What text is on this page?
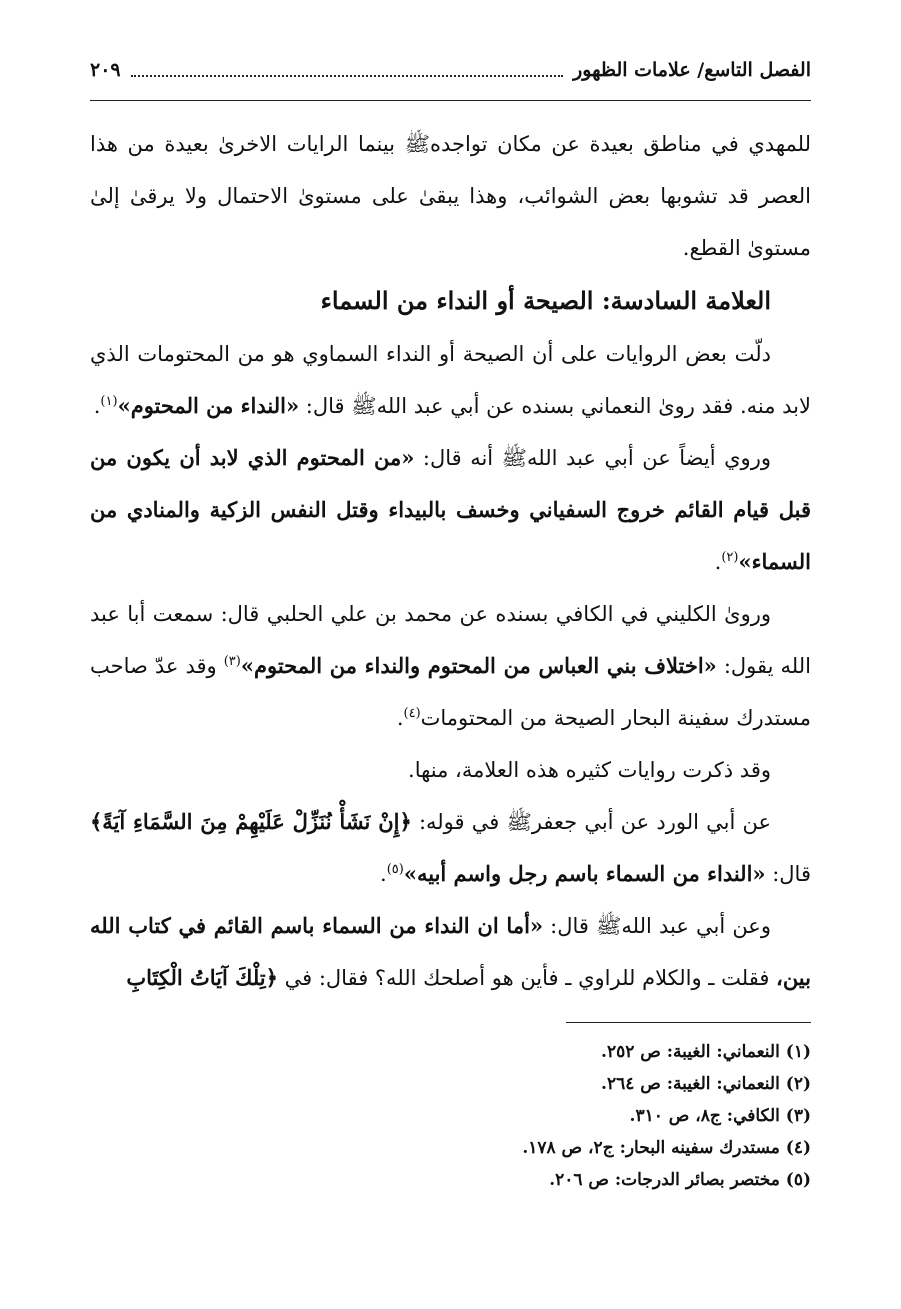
الفصل التاسع/ علامات الظهور
٢٠٩

للمهدي في مناطق بعيدة عن مكان تواجدهﷺ بينما الرايات الاخرىٰ بعيدة من هذا العصر قد تشوبها بعض الشوائب، وهذا يبقىٰ على مستوىٰ الاحتمال ولا يرقىٰ إلىٰ مستوىٰ القطع.

العلامة السادسة: الصيحة أو النداء من السماء

دلّت بعض الروايات على أن الصيحة أو النداء السماوي هو من المحتومات الذي لابد منه. فقد روىٰ النعماني بسنده عن أبي عبد اللهﷺ قال: «النداء من المحتوم»$^{(١)}$.

وروي أيضاً عن أبي عبد اللهﷺ أنه قال: «من المحتوم الذي لابد أن يكون من قبل قيام القائم خروج السفياني وخسف بالبيداء وقتل النفس الزكية والمنادي من السماء»$^{(٢)}$.

وروىٰ الكليني في الكافي بسنده عن محمد بن علي الحلبي قال: سمعت أبا عبد الله يقول: «اختلاف بني العباس من المحتوم والنداء من المحتوم»$^{(٣)}$ وقد عدّ صاحب مستدرك سفينة البحار الصيحة من المحتومات$^{(٤)}$.

وقد ذكرت روايات كثيره هذه العلامة، منها.

عن أبي الورد عن أبي جعفرﷺ في قوله: ﴿إِنْ نَشَأْ نُنَزِّلْ عَلَيْهِمْ مِنَ السَّمَاءِ آيَةً﴾ قال: «النداء من السماء باسم رجل واسم أبيه»$^{(٥)}$.

وعن أبي عبد اللهﷺ قال: «أما ان النداء من السماء باسم القائم في كتاب الله بين، فقلت ـ والكلام للراوي ـ فأين هو أصلحك الله؟ فقال: في ﴿تِلْكَ آيَاتُ الْكِتَابِ

(١) النعماني: الغيبة: ص ٢٥٢.
(٢) النعماني: الغيبة: ص ٢٦٤.
(٣) الكافي: ج٨، ص ٣١٠.
(٤) مستدرك سفينه البحار: ج٢، ص ١٧٨.
(٥) مختصر بصائر الدرجات: ص ٢٠٦.
